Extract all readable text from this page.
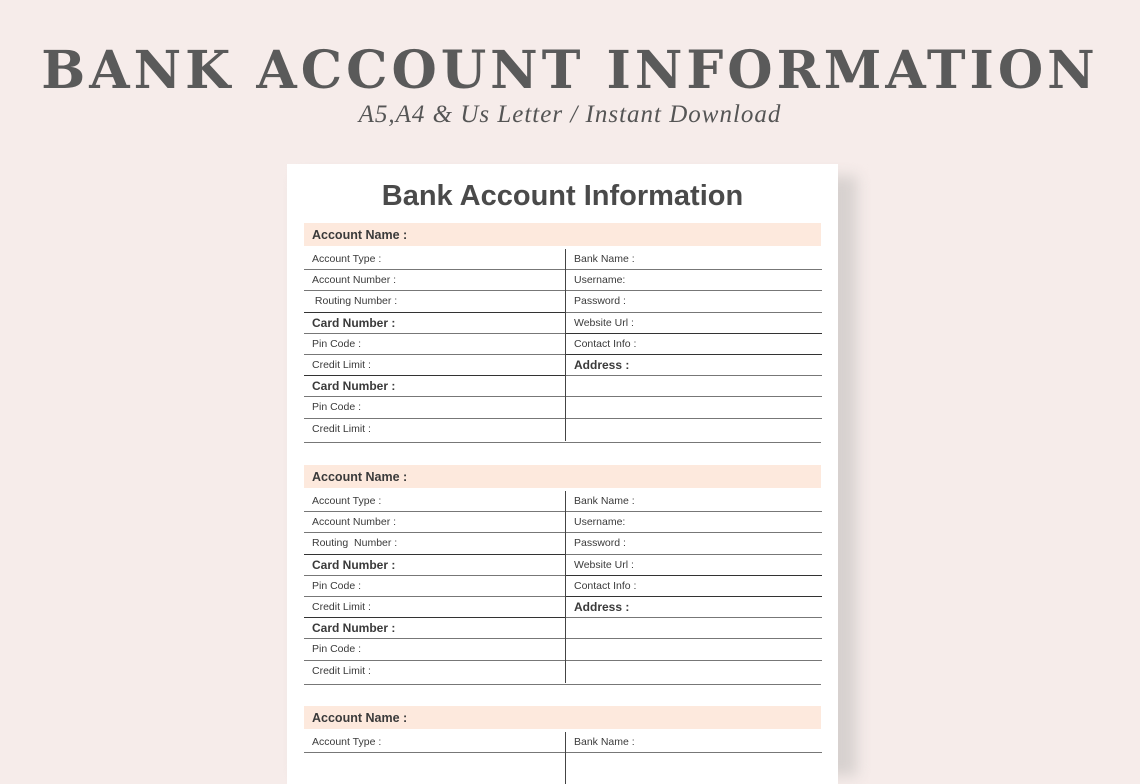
BANK ACCOUNT INFORMATION
A5,A4 & Us Letter / Instant Download
Bank Account Information
Account Name :
Account Type :
Account Number :
Routing Number :
Card Number :
Pin Code :
Credit Limit :
Card Number :
Pin Code :
Credit Limit :
Bank Name :
Username:
Password :
Website Url :
Contact Info :
Address :
Account Name :
Account Type :
Account Number :
Routing  Number :
Card Number :
Pin Code :
Credit Limit :
Card Number :
Pin Code :
Credit Limit :
Bank Name :
Username:
Password :
Website Url :
Contact Info :
Address :
Account Name :
Account Type :	Bank Name :
